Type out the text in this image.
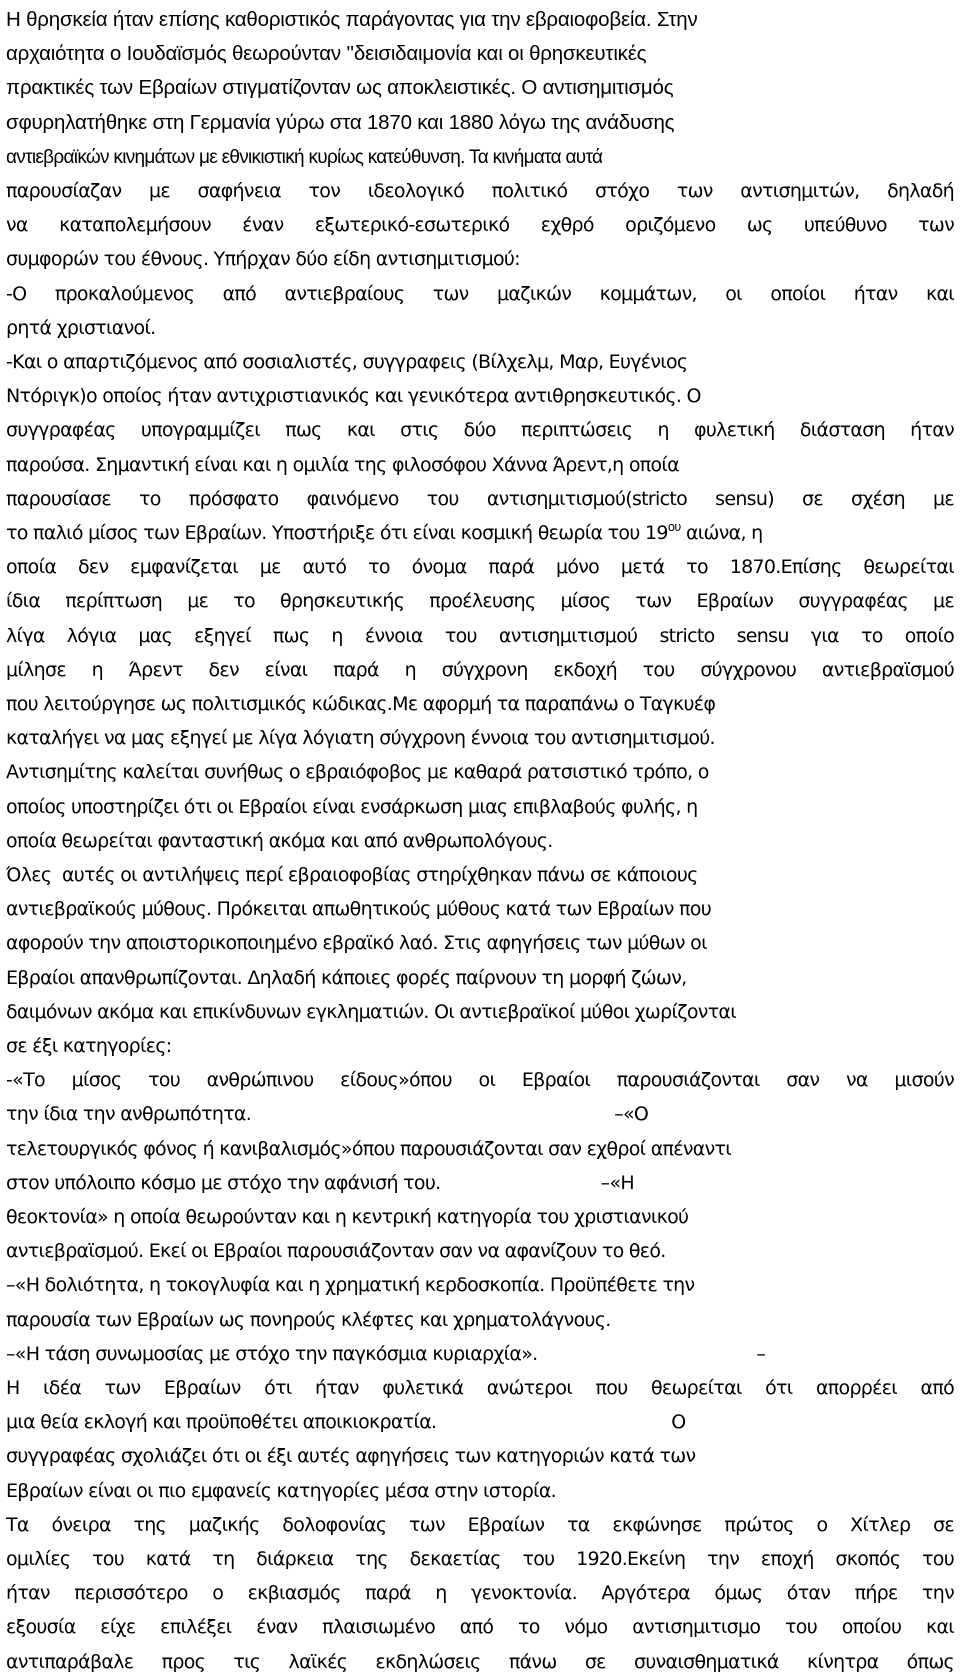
Η θρησκεία ήταν επίσης καθοριστικός παράγοντας για την εβραιοφοβεία. Στην
αρχαιότητα ο Ιουδαϊσμός θεωρούνταν ''δεισιδαιμονία και οι θρησκευτικές
πρακτικές των Εβραίων στιγματίζονταν ως αποκλειστικές. Ο αντισημιτισμός
σφυρηλατήθηκε στη Γερμανία γύρω στα 1870 και 1880 λόγω της ανάδυσης
αντιεβραϊκών κινημάτων με εθνικιστική κυρίως κατεύθυνση. Τα κινήματα αυτά
παρουσίαζαν με σαφήνεια τον ιδεολογικό πολιτικό στόχο των αντισημιτών, δηλαδή
να καταπολεμήσουν έναν εξωτερικό-εσωτερικό εχθρό οριζόμενο ως υπεύθυνο των
συμφορών του έθνους. Υπήρχαν δύο είδη αντισημιτισμού:
-Ο προκαλούμενος από αντιεβραίους των μαζικών κομμάτων, οι οποίοι ήταν και
ρητά χριστιανοί.
-Και ο απαρτιζόμενος από σοσιαλιστές, συγγραφεις (Βίλχελμ, Μαρ, Ευγένιος
Ντόριγκ)ο οποίος ήταν αντιχριστιανικός και γενικότερα αντιθρησκευτικός. Ο
συγγραφέας υπογραμμίζει πως και στις δύο περιπτώσεις η φυλετική διάσταση ήταν
παρούσα. Σημαντική είναι και η ομιλία της φιλοσόφου Χάννα Άρεντ,η οποία
παρουσίασε το πρόσφατο φαινόμενο του αντισημιτισμού(stricto sensu) σε σχέση με
το παλιό μίσος των Εβραίων. Υποστήριξε ότι είναι κοσμική θεωρία του $19^{o\upsilon}$ αιώνα, η
οποία δεν εμφανίζεται με αυτό το όνομα παρά μόνο μετά το 1870.Επίσης θεωρείται
ίδια περίπτωση με το θρησκευτικής προέλευσης μίσος των Εβραίων συγγραφέας με
λίγα λόγια μας εξηγεί πως η έννοια του αντισημιτισμού stricto sensu για το οποίο
μίλησε η Άρεντ δεν είναι παρά η σύγχρονη εκδοχή του σύγχρονου αντιεβραϊσμού
που λειτούργησε ως πολιτισμικός κώδικας.Με αφορμή τα παραπάνω ο Ταγκυέφ
καταλήγει να μας εξηγεί με λίγα λόγιατη σύγχρονη έννοια του αντισημιτισμού.
Αντισημίτης καλείται συνήθως ο εβραιόφοβος με καθαρά ρατσιστικό τρόπο, ο
οποίος υποστηρίζει ότι οι Εβραίοι είναι ενσάρκωση μιας επιβλαβούς φυλής, η
οποία θεωρείται φανταστική ακόμα και από ανθρωπολόγους.
Όλες  αυτές οι αντιλήψεις περί εβραιοφοβίας στηρίχθηκαν πάνω σε κάποιους
αντιεβραϊκούς μύθους. Πρόκειται απωθητικούς μύθους κατά των Εβραίων που
αφορούν την αποιστορικοποιημένο εβραϊκό λαό. Στις αφηγήσεις των μύθων οι
Εβραίοι απανθρωπίζονται. Δηλαδή κάποιες φορές παίρνουν τη μορφή ζώων,
δαιμόνων ακόμα και επικίνδυνων εγκληματιών. Οι αντιεβραϊκοί μύθοι χωρίζονται
σε έξι κατηγορίες:
-«Το μίσος του ανθρώπινου είδους»όπου οι Εβραίοι παρουσιάζονται σαν να μισούν
την ίδια την ανθρωπότητα.                                                                    –«Ο
τελετουργικός φόνος ή κανιβαλισμός»όπου παρουσιάζονται σαν εχθροί απέναντι
στον υπόλοιπο κόσμο με στόχο την αφάνισή του.                              –«Η
θεοκτονία» η οποία θεωρούνταν και η κεντρική κατηγορία του χριστιανικού
αντιεβραϊσμού. Εκεί οι Εβραίοι παρουσιάζονταν σαν να αφανίζουν το θεό.
–«Η δολιότητα, η τοκογλυφία και η χρηματική κερδοσκοπία. Προϋπέθετε την
παρουσία των Εβραίων ως πονηρούς κλέφτες και χρηματολάγνους.
–«Η τάση συνωμοσίας με στόχο την παγκόσμια κυριαρχία».                                         –
Η ιδέα των Εβραίων ότι ήταν φυλετικά ανώτεροι που θεωρείται ότι απορρέει από
μια θεία εκλογή και προϋποθέτει αποικιοκρατία.                                            Ο
συγγραφέας σχολιάζει ότι οι έξι αυτές αφηγήσεις των κατηγοριών κατά των
Εβραίων είναι οι πιο εμφανείς κατηγορίες μέσα στην ιστορία.
Τα όνειρα της μαζικής δολοφονίας των Εβραίων τα εκφώνησε πρώτος ο Χίτλερ σε
ομιλίες του κατά τη διάρκεια της δεκαετίας του 1920.Εκείνη την εποχή σκοπός του
ήταν περισσότερο ο εκβιασμός παρά η γενοκτονία. Αργότερα όμως όταν πήρε την
εξουσία είχε επιλέξει έναν πλαισιωμένο από το νόμο αντισημιτισμο του οποίου και
αντιπαράβαλε προς τις λαϊκές εκδηλώσεις πάνω σε συναισθηματικά κίνητρα όπως
